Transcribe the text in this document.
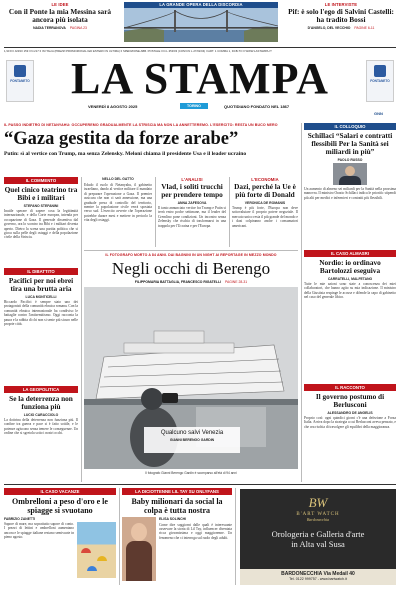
LE IDEE
Con il Ponte la mia Messina sarà ancora più isolata
NADIA TERRANOVA PAGINA 23
LA GRANDE OPERA DELLA DISCORDIA	LE INTERVISTE
Pif: è solo l'ego di Salvini Castelli: ha tradito Bossi
D'ANGELO, DEL VECCHIO PAGINE 6-11
1,90 € II ANNO 159 II N.217 II IN ITALIA (PREZZI PROMOZIONALI ED ESTERO IN ULTIMA) II SPEDIZIONE ABB. POSTALE II D.L.353/03 (CONV.IN L.27/02/04) II ART. 1 COMMA 1, DCB-TO II WWW.LASTAMPA.IT
FONTANETO	FONTANETO
LA STAMPA
VENERDÌ 8 AGOSTO 2025	TORINO	QUOTIDIANO FONDATO NEL 1867
GNN
IL PASSO INDIETRO DI NETANYAHU: OCCUPEREMO GRADUALMENTE LA STRISCIA MA NON LA ANNETTEREMO. L'ESERCITO: RESTA UN BUCO NERO
“Gaza gestita da forze arabe”
Putin: sì al vertice con Trump, ma senza Zelensky. Meloni chiama il presidente Usa e il leader ucraino
IL COMMENTO
Quel cinico teatrino tra Bibi e i militari
STEFANO STEFANINI
Inutile sperare di sapere cosa la legittimità internazionale, e della Corte europea, intenda per occupazione di Gaza. Il generale dissentiva dal governo, ora lo scontro tra Bibi e i militari diventa aperto. Dietro la scena una partita politica che si gioca sulla pelle degli ostaggi e della popolazione civile della Striscia.
IL DIBATTITO
Pacifici per noi ebrei tira una brutta aria
LUCA MONTICELLI
Riccardo Pacifici è sempre stato uno dei protagonisti della comunità ebraica romana. Con la comunità ebraica internazionale ha condiviso le battaglie contro l'antisemitismo. Oggi racconta la paura e la rabbia di chi non si sente più sicuro nelle proprie città.
LA GEOPOLITICA
Se la deterrenza non funziona più
LUCIO CARACCIOLO
La dottrina della deterrenza non funziona più. Il confine tra guerra e pace si è fatto sottile, e le potenze agiscono senza temere le conseguenze. Un ordine che si sgretola sotto i nostri occhi.
NELLO DEL GATTO
Edudo il ruolo di Netanyahu, il gabinetto israeliano, dando al vertice militare il mandato di preparare l'operazione a Gaza. Il premier assicura che non ci sarà annessione, ma una graduale presa di controllo del territorio, mentre la popolazione civile verrà spostata verso sud. L'esercito avverte che l'operazione potrebbe durare mesi e mettere in pericolo la vita degli ostaggi.
L'ANALISI
Vlad, i soliti trucchi per prendere tempo
ANNA ZAFESOVA
Il tanto annunciato vertice fra Trump e Putin si terrà entro poche settimane, ma il leader del Cremlino pone condizioni. Un incontro senza Zelensky che rischia di trasformarsi in una trappola per l'Ucraina e per l'Europa.
L'ECONOMIA
Dazi, perché la Ue è più forte di Donald
VERONICA DE ROMANIS
Trump è più forte, l'Europa non deve sottovalutare il proprio potere negoziale. Il mercato unico resta il più grande del mondo e i dazi colpiranno anche i consumatori americani.
IL COLLOQUIO
Schillaci “Salari e contratti flessibili Per la Sanità sei miliardi in più”
PAOLO RUSSO
Un aumento di almeno sei miliardi per la Sanità nella prossima manovra. Il ministro Orazio Schillaci indica le priorità: stipendi più alti per medici e infermieri e contratti più flessibili.
IL CASO ALMASRI
Nordio: io ordinavo Bartolozzi eseguiva
CARRATELLI, MALFETANO
Tutte le mie azioni sono state a conoscenza dei miei collaboratori, che hanno agito su mia indicazione. Il ministro della Giustizia respinge le accuse e difende la capo di gabinetto nel caso del generale libico.
IL RACCONTO
Il governo postumo di Berlusconi
ALESSANDRO DE ANGELIS
Proprio così: ogni quindici giorni c'è una defezione a Forza Italia. Arriva dopo la strategia a cui Berlusconi aveva pensato, e che ora rischia di travolgere gli equilibri della maggioranza.
IL FOTOGRAFO MORTO A 84 ANNI. DAI BAGNINI IN UN NIGHT AI REPORTAGE IN MEZZO MONDO
Negli occhi di Berengo
FILIPPOMARIA BATTAGLIA, FRANCESCO RIGATELLI PAGINE 28-31
Qualcuno salvi Venezia
GIANNI BERENGO GARDIN
Il fotografo Gianni Berengo Gardin è scomparso all'età di 94 anni
IL CASO VACANZE
Ombrelloni a peso d'oro e le spiagge si svuotano
FABRIZIO ZANETTI
Sapore di mare, ma soprattutto sapore di conto. I prezzi di lettini e ombrelloni aumentano ancora e le spiagge italiane restano semivuote in pieno agosto.
LA DICIOTTENNE LIL TAY SU ONLYFANS
Baby milionari da social la colpa è tutta nostra
ELISA SOLINCHI
Come dire soggiorni dalle quali è interessante osservare la storia di Lil Tay, influencer diventata ricca giovanissima e oggi maggiorenne. Un fenomeno che ci interroga sul ruolo degli adulti.
BW
B'ART WATCH
Bardonecchia
Orologeria e Galleria d'arte
in Alta val Susa
BARDONECCHIA Via Medail 40
Tel. 0122 999757 - www.bartwatch.it
